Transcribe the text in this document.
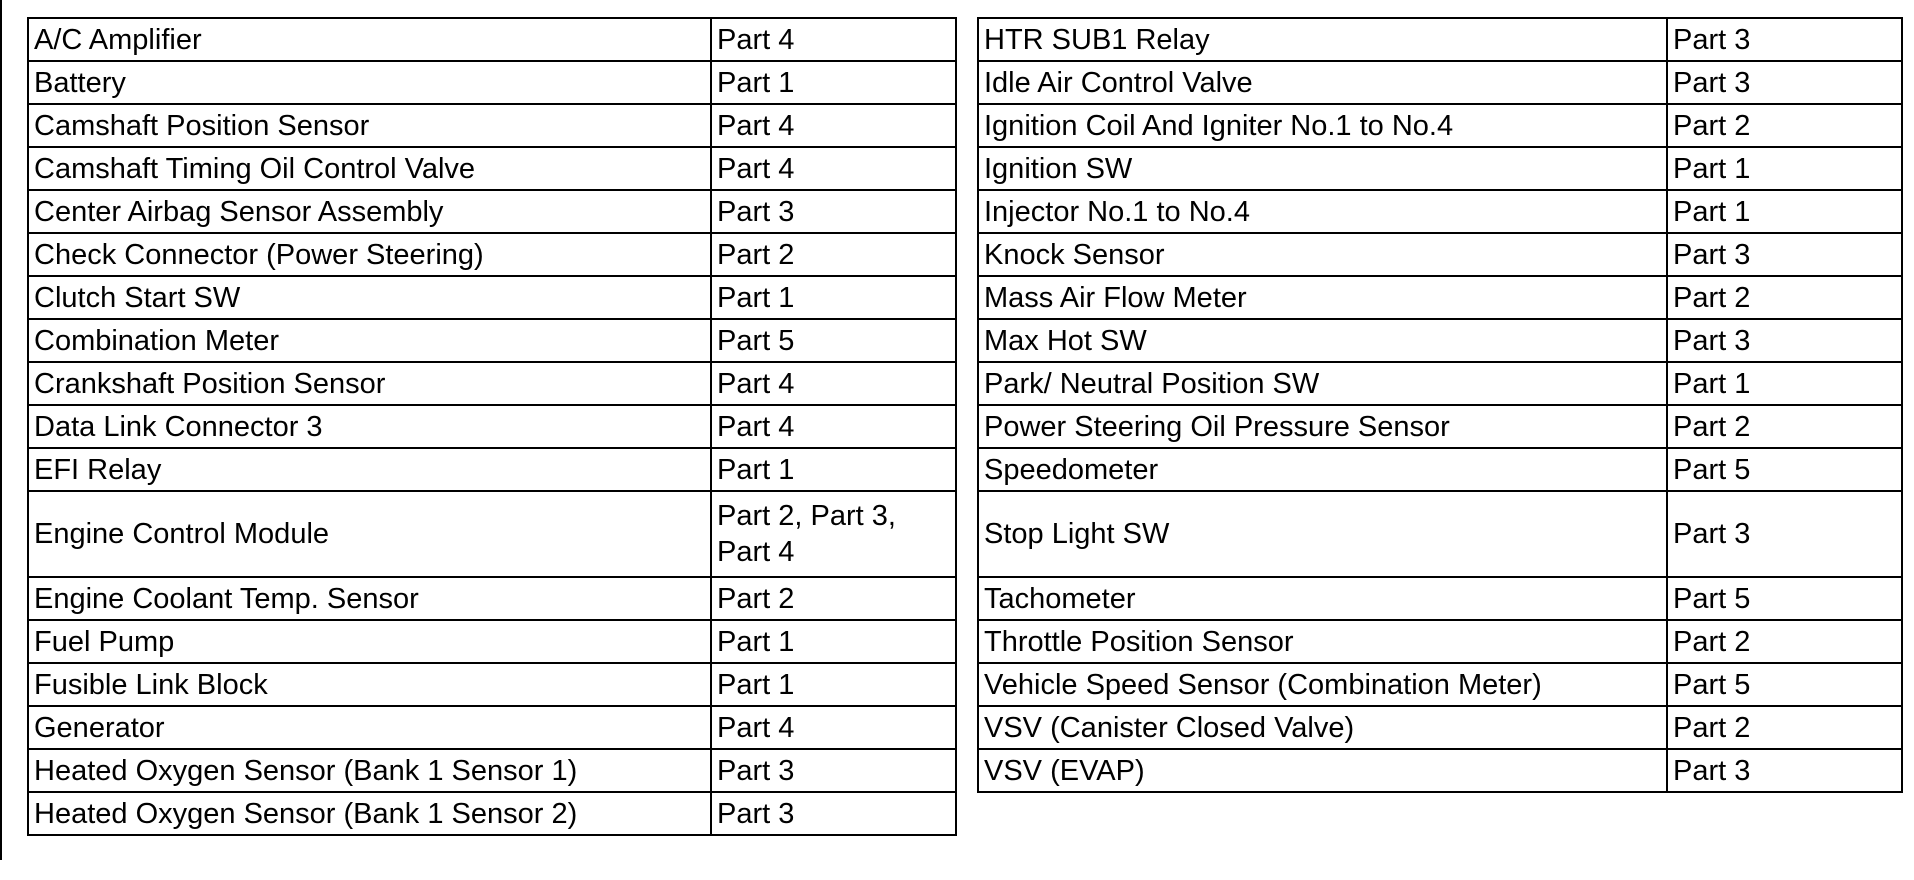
A/C Amplifier	Part 4
Battery	Part 1
Camshaft Position Sensor	Part 4
Camshaft Timing Oil Control Valve	Part 4
Center Airbag Sensor Assembly	Part 3
Check Connector (Power Steering)	Part 2
Clutch Start SW	Part 1
Combination Meter	Part 5
Crankshaft Position Sensor	Part 4
Data Link Connector 3	Part 4
EFI Relay	Part 1
Engine Control Module	Part 2, Part 3, Part 4
Engine Coolant Temp. Sensor	Part 2
Fuel Pump	Part 1
Fusible Link Block	Part 1
Generator	Part 4
Heated Oxygen Sensor (Bank 1 Sensor 1)	Part 3
Heated Oxygen Sensor (Bank 1 Sensor 2)	Part 3
HTR SUB1 Relay	Part 3
Idle Air Control Valve	Part 3
Ignition Coil And Igniter No.1 to No.4	Part 2
Ignition SW	Part 1
Injector No.1 to No.4	Part 1
Knock Sensor	Part 3
Mass Air Flow Meter	Part 2
Max Hot SW	Part 3
Park/ Neutral Position SW	Part 1
Power Steering Oil Pressure Sensor	Part 2
Speedometer	Part 5
Stop Light SW	Part 3
Tachometer	Part 5
Throttle Position Sensor	Part 2
Vehicle Speed Sensor (Combination Meter)	Part 5
VSV (Canister Closed Valve)	Part 2
VSV (EVAP)	Part 3
